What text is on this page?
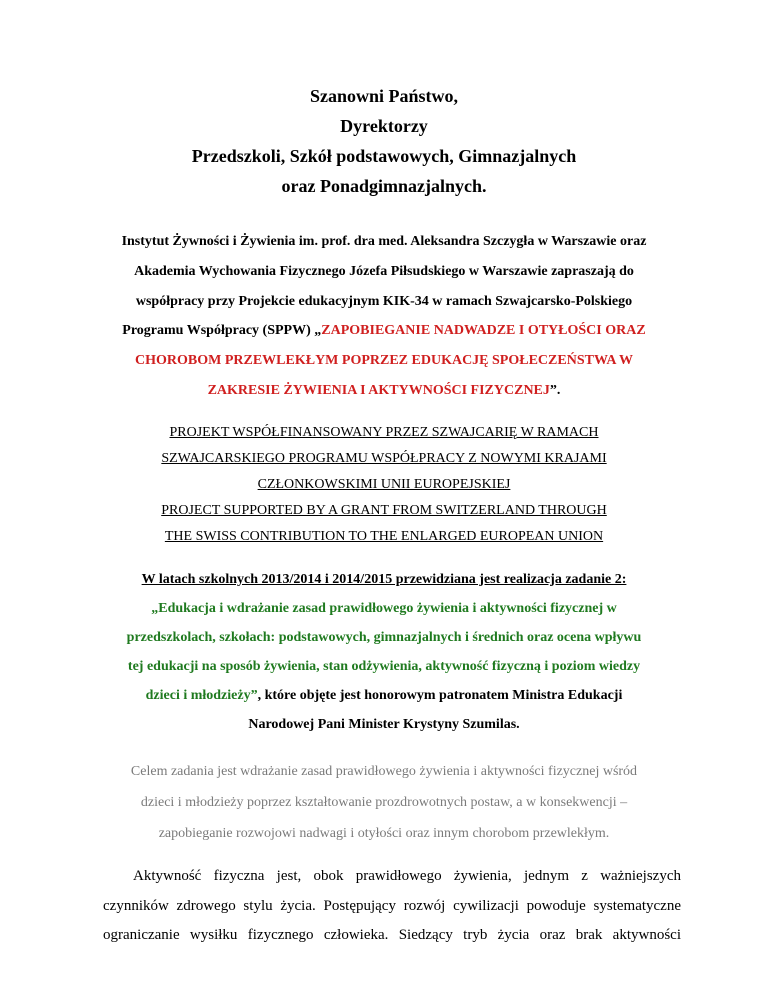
Szanowni Państwo,
Dyrektorzy
Przedszkoli, Szkół podstawowych, Gimnazjalnych
oraz Ponadgimnazjalnych.
Instytut Żywności i Żywienia im. prof. dra med. Aleksandra Szczygła w Warszawie oraz
Akademia Wychowania Fizycznego Józefa Piłsudskiego w Warszawie zapraszają do
współpracy przy Projekcie edukacyjnym KIK-34 w ramach Szwajcarsko-Polskiego
Programu Współpracy (SPPW) „ZAPOBIEGANIE NADWADZE I OTYŁOŚCI ORAZ
CHOROBOM PRZEWLEKŁYM POPRZEZ EDUKACJĘ SPOŁECZEŃSTWA W
ZAKRESIE ŻYWIENIA I AKTYWNOŚCI FIZYCZNEJ”.
PROJEKT WSPÓŁFINANSOWANY PRZEZ SZWAJCARIĘ W RAMACH
SZWAJCARSKIEGO PROGRAMU WSPÓŁPRACY Z NOWYMI KRAJAMI
CZŁONKOWSKIMI UNII EUROPEJSKIEJ
PROJECT SUPPORTED BY A GRANT FROM SWITZERLAND THROUGH
THE SWISS CONTRIBUTION TO THE ENLARGED EUROPEAN UNION
W latach szkolnych 2013/2014 i 2014/2015 przewidziana jest realizacja zadanie 2:
„Edukacja i wdrażanie zasad prawidłowego żywienia i aktywności fizycznej w
przedszkolach, szkołach: podstawowych, gimnazjalnych i średnich oraz ocena wpływu
tej edukacji na sposób żywienia, stan odżywienia, aktywność fizyczną i poziom wiedzy
dzieci i młodzieży”, które objęte jest honorowym patronatem Ministra Edukacji
Narodowej Pani Minister Krystyny Szumilas.
Celem zadania jest wdrażanie zasad prawidłowego żywienia i aktywności fizycznej wśród
dzieci i młodzieży poprzez kształtowanie prozdrowotnych postaw, a w konsekwencji –
zapobieganie rozwojowi nadwagi i otyłości oraz innym chorobom przewlekłym.
Aktywność fizyczna jest, obok prawidłowego żywienia, jednym z ważniejszych
czynników zdrowego stylu życia. Postępujący rozwój cywilizacji powoduje systematyczne
ograniczanie wysiłku fizycznego człowieka. Siedzący tryb życia oraz brak aktywności
